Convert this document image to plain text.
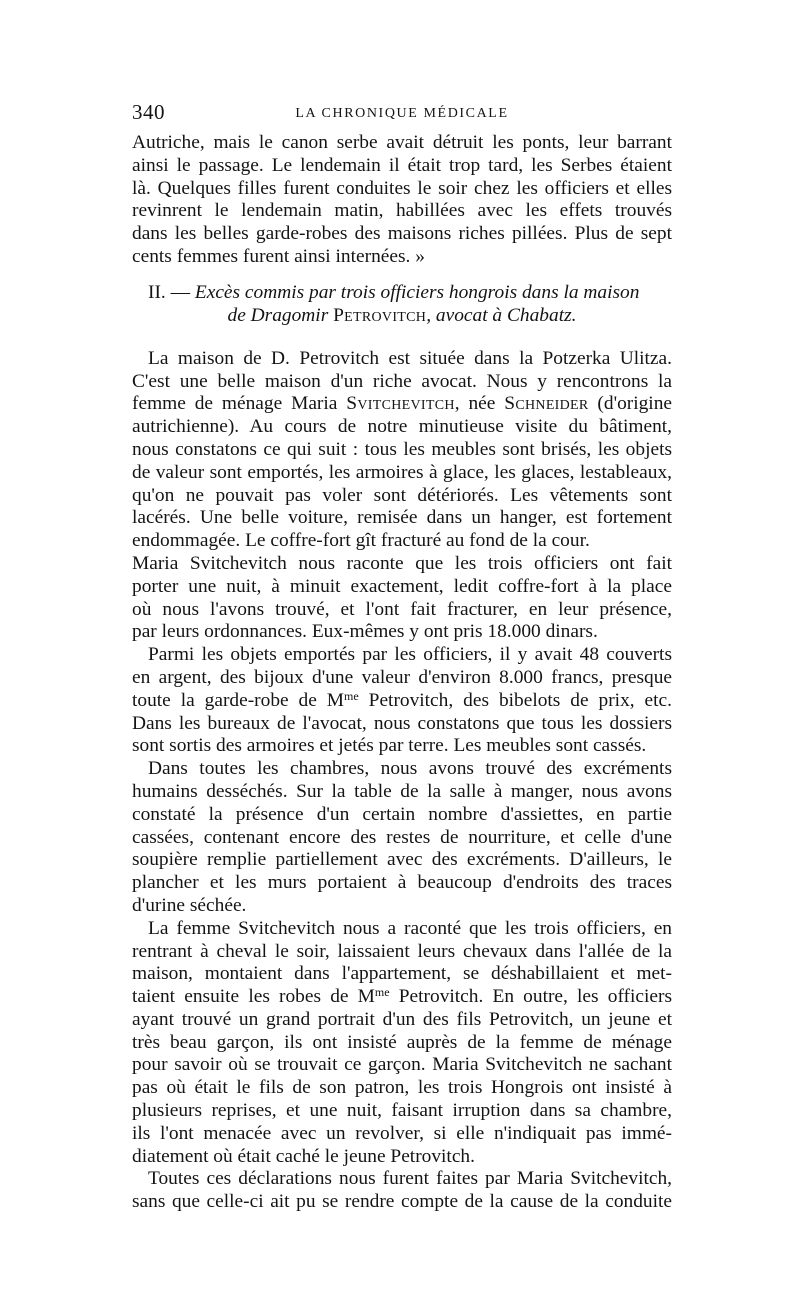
340	LA CHRONIQUE MÉDICALE
Autriche, mais le canon serbe avait détruit les ponts, leur barrant
ainsi le passage. Le lendemain il était trop tard, les Serbes étaient
là. Quelques filles furent conduites le soir chez les officiers et elles
revinrent le lendemain matin, habillées avec les effets trouvés
dans les belles garde-robes des maisons riches pillées. Plus de sept
cents femmes furent ainsi internées. »
II. — Excès commis par trois officiers hongrois dans la maison
de Dragomir Petrovitch, avocat à Chabatz.
La maison de D. Petrovitch est située dans la Potzerka Ulitza.
C'est une belle maison d'un riche avocat. Nous y rencontrons la
femme de ménage Maria Svitchevitch, née Schneider (d'origine
autrichienne). Au cours de notre minutieuse visite du bâtiment,
nous constatons ce qui suit : tous les meubles sont brisés, les objets
de valeur sont emportés, les armoires à glace, les glaces, lestableaux,
qu'on ne pouvait pas voler sont détériorés. Les vêtements sont
lacérés. Une belle voiture, remisée dans un hanger, est fortement
endommagée. Le coffre-fort gît fracturé au fond de la cour.
Maria Svitchevitch nous raconte que les trois officiers ont fait
porter une nuit, à minuit exactement, ledit coffre-fort à la place
où nous l'avons trouvé, et l'ont fait fracturer, en leur présence,
par leurs ordonnances. Eux-mêmes y ont pris 18.000 dinars.
Parmi les objets emportés par les officiers, il y avait 48 couverts
en argent, des bijoux d'une valeur d'environ 8.000 francs, presque
toute la garde-robe de $M^{me}$ Petrovitch, des bibelots de prix, etc.
Dans les bureaux de l'avocat, nous constatons que tous les dossiers
sont sortis des armoires et jetés par terre. Les meubles sont cassés.
Dans toutes les chambres, nous avons trouvé des excréments
humains desséchés. Sur la table de la salle à manger, nous avons
constaté la présence d'un certain nombre d'assiettes, en partie
cassées, contenant encore des restes de nourriture, et celle d'une
soupière remplie partiellement avec des excréments. D'ailleurs, le
plancher et les murs portaient à beaucoup d'endroits des traces
d'urine séchée.
La femme Svitchevitch nous a raconté que les trois officiers, en
rentrant à cheval le soir, laissaient leurs chevaux dans l'allée de la
maison, montaient dans l'appartement, se déshabillaient et met-
taient ensuite les robes de $M^{me}$ Petrovitch. En outre, les officiers
ayant trouvé un grand portrait d'un des fils Petrovitch, un jeune et
très beau garçon, ils ont insisté auprès de la femme de ménage
pour savoir où se trouvait ce garçon. Maria Svitchevitch ne sachant
pas où était le fils de son patron, les trois Hongrois ont insisté à
plusieurs reprises, et une nuit, faisant irruption dans sa chambre,
ils l'ont menacée avec un revolver, si elle n'indiquait pas immé-
diatement où était caché le jeune Petrovitch.
Toutes ces déclarations nous furent faites par Maria Svitchevitch,
sans que celle-ci ait pu se rendre compte de la cause de la conduite
